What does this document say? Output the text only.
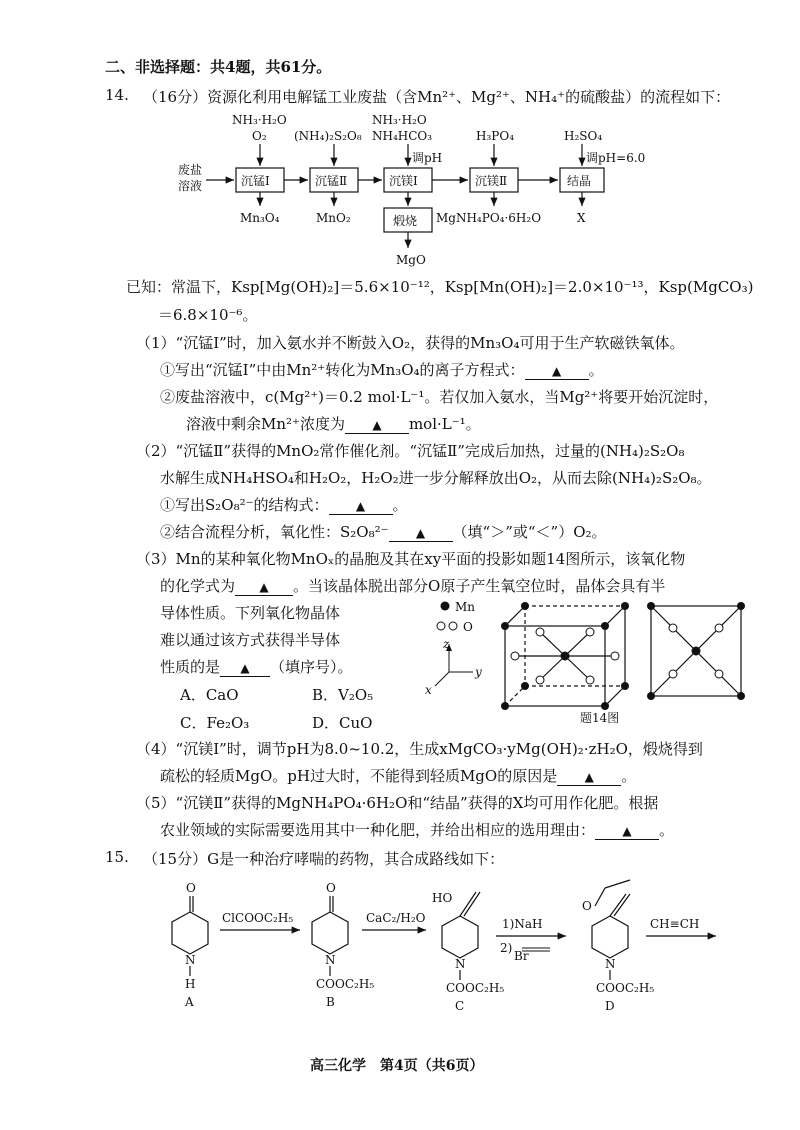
二、非选择题：共4题，共61分。
14. （16分）资源化利用电解锰工业废盐（含Mn²⁺、Mg²⁺、NH₄⁺的硫酸盐）的流程如下：
废盐
溶液	沉锰Ⅰ	沉锰Ⅱ	沉镁Ⅰ	沉镁Ⅱ	结晶
NH₃·H₂O
O₂ (NH₄)₂S₂O₈
NH₃·H₂O
NH₄HCO₃
调pH
H₃PO₄	H₂SO₄
调pH=6.0
Mn₃O₄	MnO₂	煅烧 MgNH₄PO₄·6H₂O	X
MgO
已知：常温下，Ksp[Mg(OH)₂]＝5.6×10⁻¹²，Ksp[Mn(OH)₂]＝2.0×10⁻¹³，Ksp(MgCO₃)
＝6.8×10⁻⁶。
（1）“沉锰Ⅰ”时，加入氨水并不断鼓入O₂，获得的Mn₃O₄可用于生产软磁铁氧体。
①写出“沉锰Ⅰ”中由Mn²⁺转化为Mn₃O₄的离子方程式： ▲ 。
②废盐溶液中，c(Mg²⁺)＝0.2 mol·L⁻¹。若仅加入氨水，当Mg²⁺将要开始沉淀时，
溶液中剩余Mn²⁺浓度为 ▲ mol·L⁻¹。
（2）“沉锰Ⅱ”获得的MnO₂常作催化剂。“沉锰Ⅱ”完成后加热，过量的(NH₄)₂S₂O₈
水解生成NH₄HSO₄和H₂O₂，H₂O₂进一步分解释放出O₂，从而去除(NH₄)₂S₂O₈。
①写出S₂O₈²⁻的结构式： ▲ 。
②结合流程分析，氧化性：S₂O₈²⁻ ▲ （填“＞”或“＜”）O₂。
（3）Mn的某种氧化物MnOₓ的晶胞及其在xy平面的投影如题14图所示，该氧化物
的化学式为 ▲ 。当该晶体脱出部分O原子产生氧空位时，晶体会具有半
导体性质。下列氧化物晶体
难以通过该方式获得半导体
性质的是 ▲ （填序号）。
A．CaO	B．V₂O₅
C．Fe₂O₃	D．CuO
Mn
O
z
y
x
题14图
（4）“沉镁Ⅰ”时，调节pH为8.0~10.2，生成xMgCO₃·yMg(OH)₂·zH₂O，煅烧得到
疏松的轻质MgO。pH过大时，不能得到轻质MgO的原因是 ▲ 。
（5）“沉镁Ⅱ”获得的MgNH₄PO₄·6H₂O和“结晶”获得的X均可用作化肥。根据
农业领域的实际需要选用其中一种化肥，并给出相应的选用理由： ▲ 。
15. （15分）G是一种治疗哮喘的药物，其合成路线如下：
O
N
H
A
ClCOOC₂H₅
O
N
COOC₂H₅
B
CaC₂/H₂O
HO
N
COOC₂H₅
C
1)NaH
2)
Br
O
N
COOC₂H₅
D
CH≡CH
高三化学　第4页（共6页）
